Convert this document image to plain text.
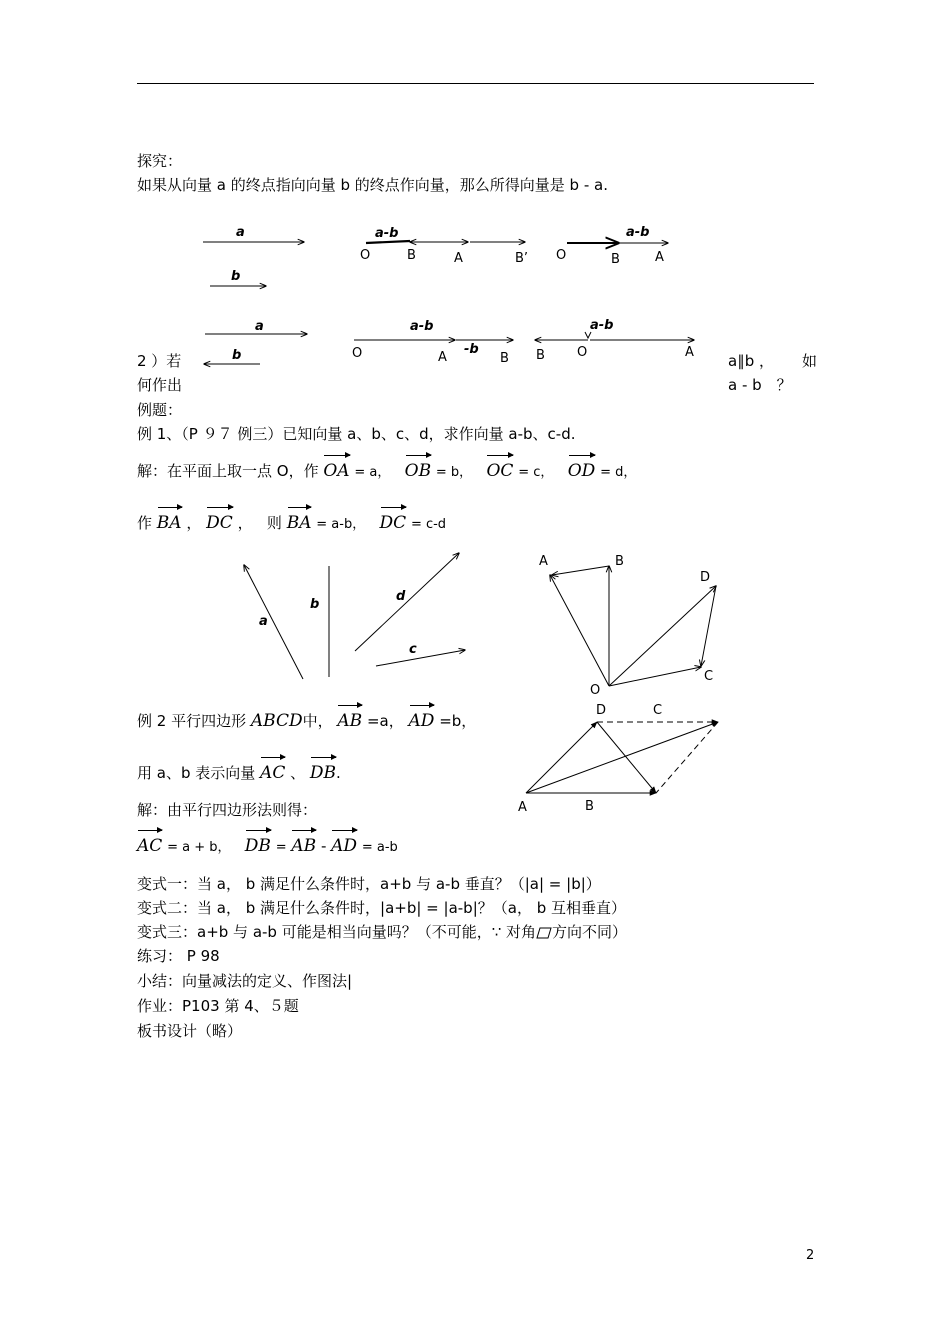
探究：
如果从向量 a 的终点指向向量 b 的终点作向量，那么所得向量是 b - a.
a
b
a-b
O	B	A	B’
a-b
O	B	A
a
b
a-b
-b
O	A	B
a-b
B O	A
a
b
d
c
A	B
D
C
O
A	B
D	C
2 ）若
何作出
a∥b ， 如
a - b　？
例题：
例 1、（P ９７ 例三）已知向量 a、b、c、d，求作向量 a-b、c-d.
解：在平面上取一点 O，作 OA = a， OB = b， OC = c， OD = d，
作 BA ， DC ， 则 BA = a-b， DC = c-d
例 2 平行四边形 ABCD中， AB =a， AD =b，
用 a、b 表示向量 AC 、 DB.
解：由平行四边形法则得：
AC = a + b， DB = AB - AD = a-b
变式一：当 a， b 满足什么条件时，a+b 与 a-b 垂直？（|a| = |b|）
变式二：当 a， b 满足什么条件时，|a+b| = |a-b|？（a， b 互相垂直）
变式三：a+b 与 a-b 可能是相当向量吗？（不可能，∵ 对角 方向不同）
练习： P 98
小结：向量减法的定义、作图法|
作业：P103 第 4、５题
板书设计（略）
2
